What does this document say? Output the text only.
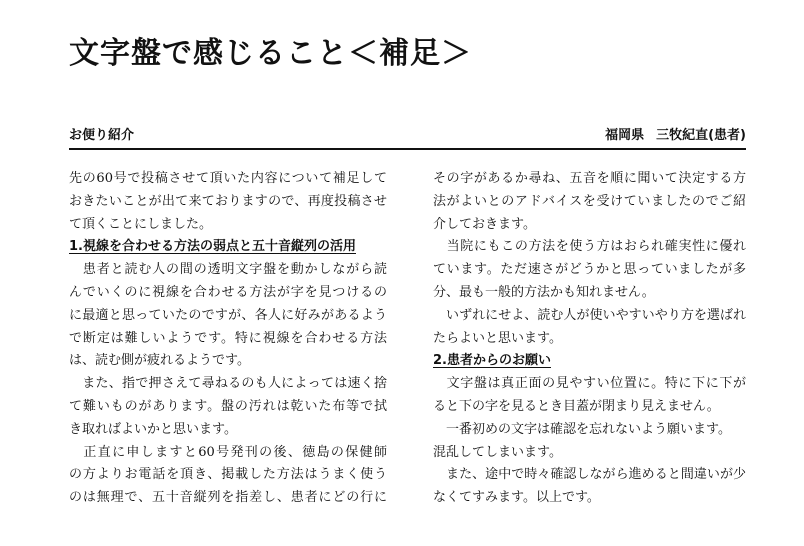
文字盤で感じること＜補足＞
お便り紹介	福岡県 三牧紀直(患者)
先の60号で投稿させて頂いた内容について補足して
おきたいことが出て来ておりますので、再度投稿させ
て頂くことにしました。
1.視線を合わせる方法の弱点と五十音縦列の活用
　患者と読む人の間の透明文字盤を動かしながら読
んでいくのに視線を合わせる方法が字を見つけるの
に最適と思っていたのですが、各人に好みがあるよう
で断定は難しいようです。特に視線を合わせる方法
は、読む側が疲れるようです。
　また、指で押さえて尋ねるのも人によっては速く捨
て難いものがあります。盤の汚れは乾いた布等で拭
き取ればよいかと思います。
　正直に申しますと60号発刊の後、徳島の保健師
の方よりお電話を頂き、掲載した方法はうまく使う
のは無理で、五十音縦列を指差し、患者にどの行に
その字があるか尋ね、五音を順に聞いて決定する方
法がよいとのアドバイスを受けていましたのでご紹
介しておきます。
　当院にもこの方法を使う方はおられ確実性に優れ
ています。ただ速さがどうかと思っていましたが多
分、最も一般的方法かも知れません。
　いずれにせよ、読む人が使いやすいやり方を選ばれ
たらよいと思います。
2.患者からのお願い
　文字盤は真正面の見やすい位置に。特に下に下が
ると下の字を見るとき目蓋が閉まり見えません。
　一番初めの文字は確認を忘れないよう願います。
混乱してしまいます。
　また、途中で時々確認しながら進めると間違いが少
なくてすみます。以上です。
